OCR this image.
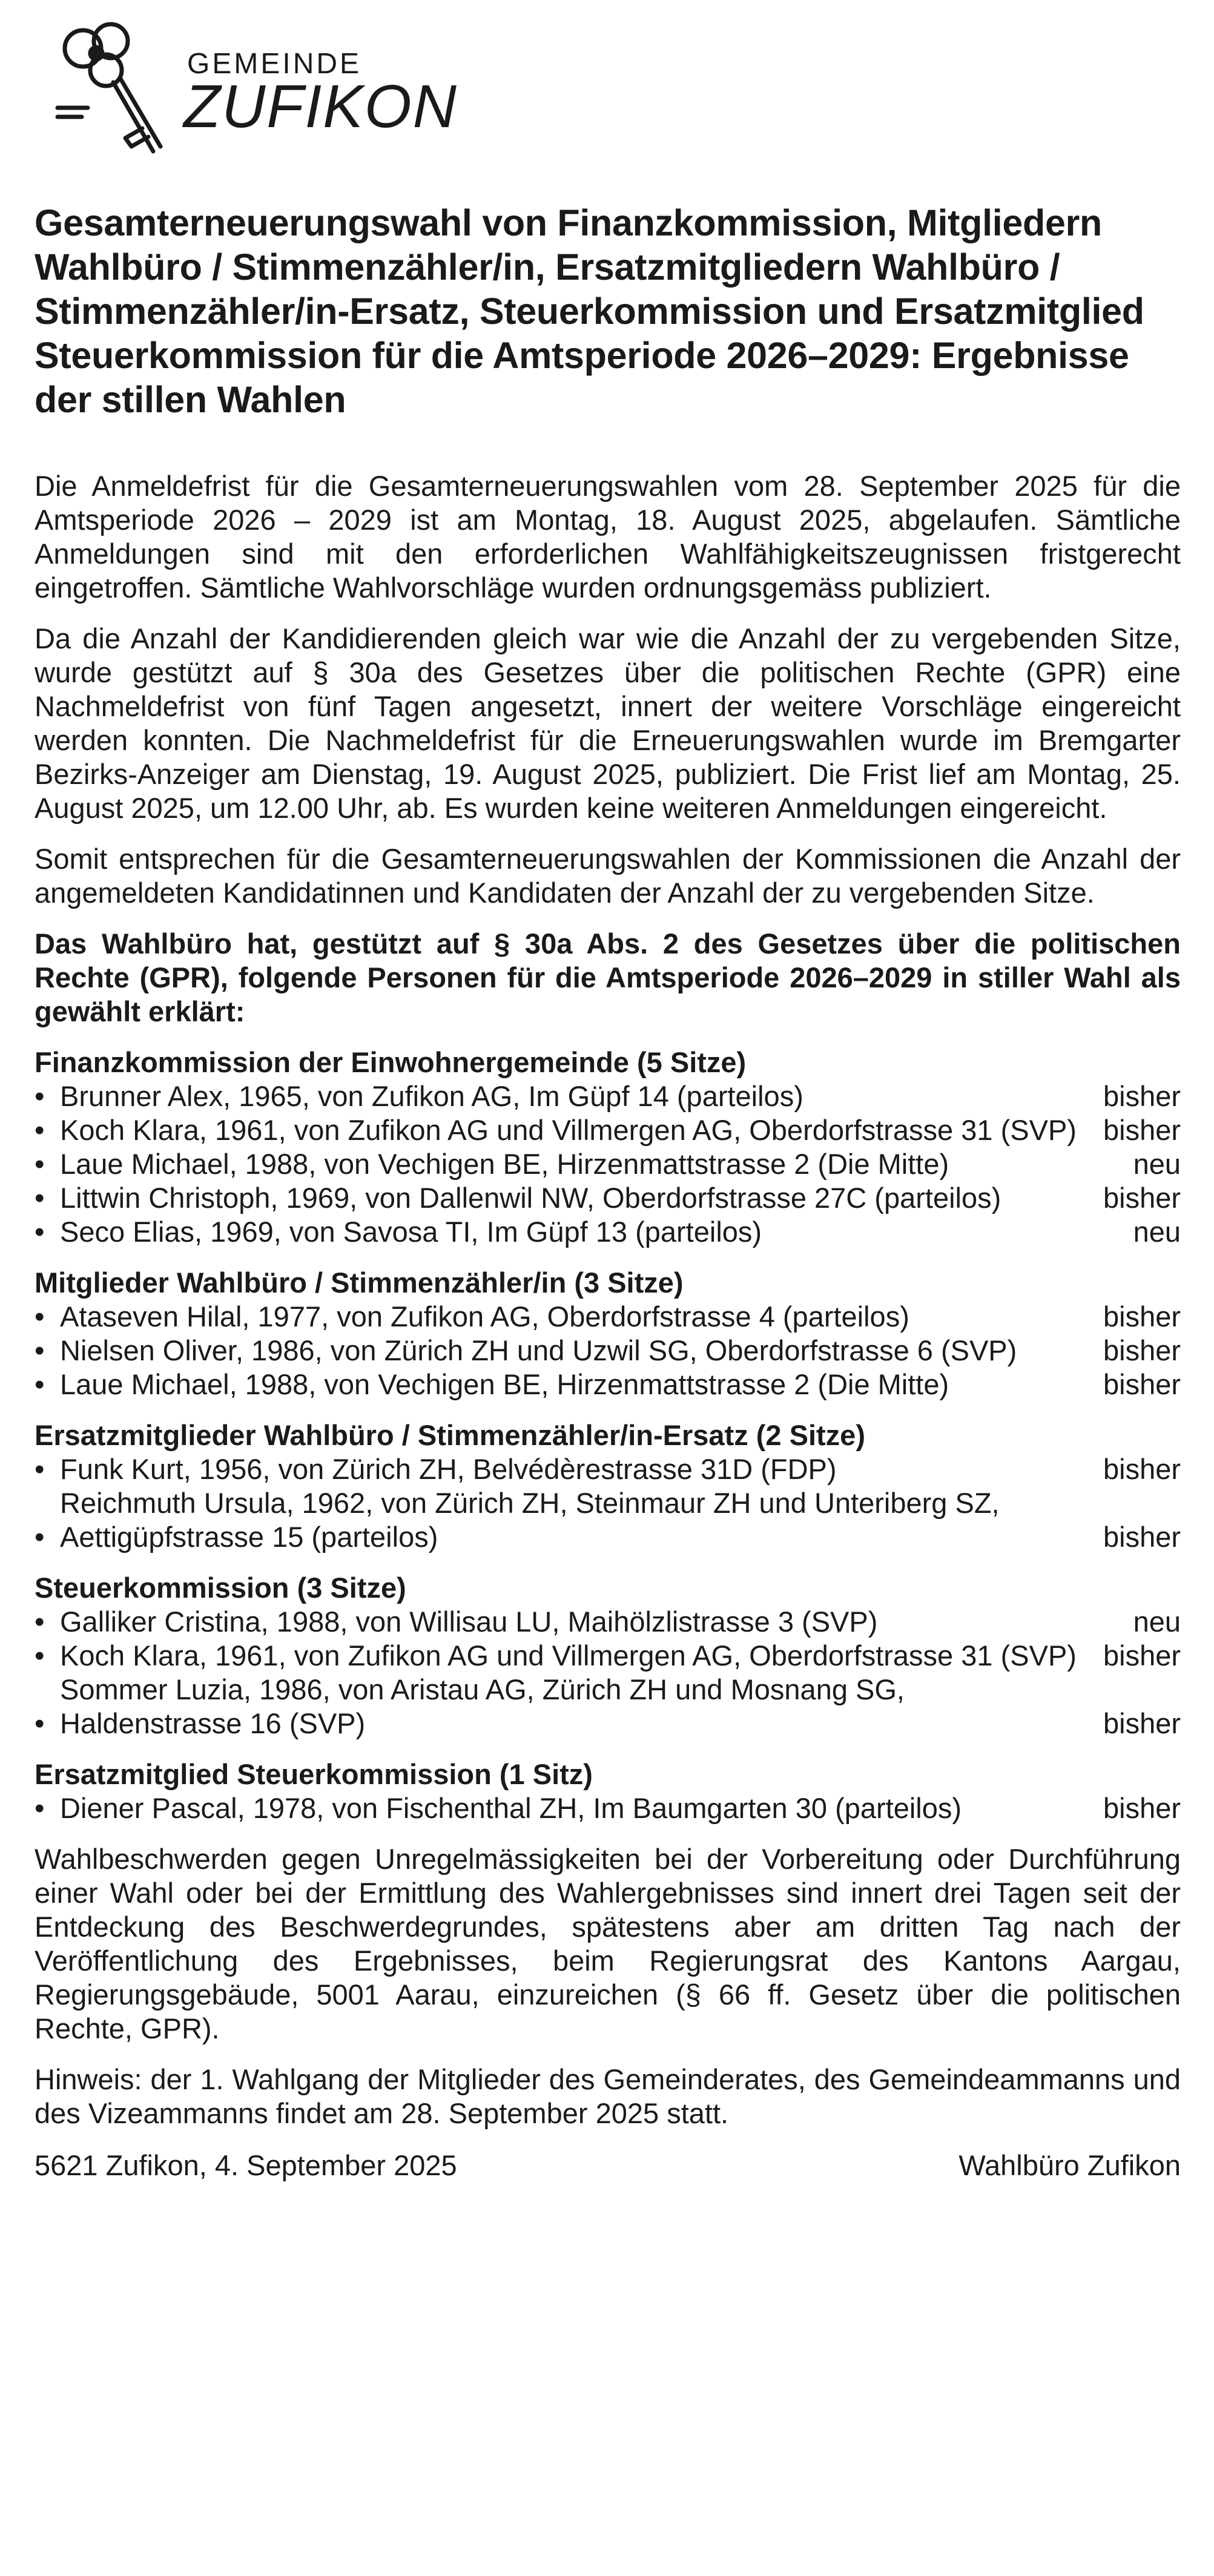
GEMEINDE
ZUFIKON
Gesamterneuerungswahl von Finanzkommission, Mitgliedern Wahlbüro / Stimmenzähler/in, Ersatzmitgliedern Wahlbüro / Stimmenzähler/in-Ersatz, Steuerkommission und Ersatzmitglied Steuerkommission für die Amtsperiode 2026–2029: Ergebnisse der stillen Wahlen

Die Anmeldefrist für die Gesamterneuerungswahlen vom 28. September 2025 für die Amtsperiode 2026 – 2029 ist am Montag, 18. August 2025, abgelaufen. Sämtliche Anmeldungen sind mit den erforderlichen Wahlfähigkeitszeugnissen fristgerecht eingetroffen. Sämtliche Wahlvorschläge wurden ordnungsgemäss publiziert.

Da die Anzahl der Kandidierenden gleich war wie die Anzahl der zu vergebenden Sitze, wurde gestützt auf § 30a des Gesetzes über die politischen Rechte (GPR) eine Nachmeldefrist von fünf Tagen angesetzt, innert der weitere Vorschläge eingereicht werden konnten. Die Nachmeldefrist für die Erneuerungswahlen wurde im Bremgarter Bezirks-Anzeiger am Dienstag, 19. August 2025, publiziert. Die Frist lief am Montag, 25. August 2025, um 12.00 Uhr, ab. Es wurden keine weiteren Anmeldungen eingereicht.

Somit entsprechen für die Gesamterneuerungswahlen der Kommissionen die Anzahl der angemeldeten Kandidatinnen und Kandidaten der Anzahl der zu vergebenden Sitze.

Das Wahlbüro hat, gestützt auf § 30a Abs. 2 des Gesetzes über die politischen Rechte (GPR), folgende Personen für die Amtsperiode 2026–2029 in stiller Wahl als gewählt erklärt:

Finanzkommission der Einwohnergemeinde (5 Sitze)
• Brunner Alex, 1965, von Zufikon AG, Im Güpf 14 (parteilos)	bisher
• Koch Klara, 1961, von Zufikon AG und Villmergen AG, Oberdorfstrasse 31 (SVP) bisher
• Laue Michael, 1988, von Vechigen BE, Hirzenmattstrasse 2 (Die Mitte)	neu
• Littwin Christoph, 1969, von Dallenwil NW, Oberdorfstrasse 27C (parteilos)	bisher
• Seco Elias, 1969, von Savosa TI, Im Güpf 13 (parteilos)	neu
Mitglieder Wahlbüro / Stimmenzähler/in (3 Sitze)
• Ataseven Hilal, 1977, von Zufikon AG, Oberdorfstrasse 4 (parteilos)	bisher
• Nielsen Oliver, 1986, von Zürich ZH und Uzwil SG, Oberdorfstrasse 6 (SVP)	bisher
• Laue Michael, 1988, von Vechigen BE, Hirzenmattstrasse 2 (Die Mitte)	bisher
Ersatzmitglieder Wahlbüro / Stimmenzähler/in-Ersatz (2 Sitze)
• Funk Kurt, 1956, von Zürich ZH, Belvédèrestrasse 31D (FDP)	bisher
•
Reichmuth Ursula, 1962, von Zürich ZH, Steinmaur ZH und Unteriberg SZ, Aettigüpfstrasse 15 (parteilos)	bisher
Steuerkommission (3 Sitze)
• Galliker Cristina, 1988, von Willisau LU, Maihölzlistrasse 3 (SVP)	neu
• Koch Klara, 1961, von Zufikon AG und Villmergen AG, Oberdorfstrasse 31 (SVP) bisher
•
Sommer Luzia, 1986, von Aristau AG, Zürich ZH und Mosnang SG, Haldenstrasse 16 (SVP)	bisher
Ersatzmitglied Steuerkommission (1 Sitz)
• Diener Pascal, 1978, von Fischenthal ZH, Im Baumgarten 30 (parteilos)	bisher

Wahlbeschwerden gegen Unregelmässigkeiten bei der Vorbereitung oder Durchführung einer Wahl oder bei der Ermittlung des Wahlergebnisses sind innert drei Tagen seit der Entdeckung des Beschwerdegrundes, spätestens aber am dritten Tag nach der Veröffentlichung des Ergebnisses, beim Regierungsrat des Kantons Aargau, Regierungsgebäude, 5001 Aarau, einzureichen (§ 66 ff. Gesetz über die politischen Rechte, GPR).

Hinweis: der 1. Wahlgang der Mitglieder des Gemeinderates, des Gemeindeammanns und des Vizeammanns findet am 28. September 2025 statt.

5621 Zufikon, 4. September 2025	Wahlbüro Zufikon
